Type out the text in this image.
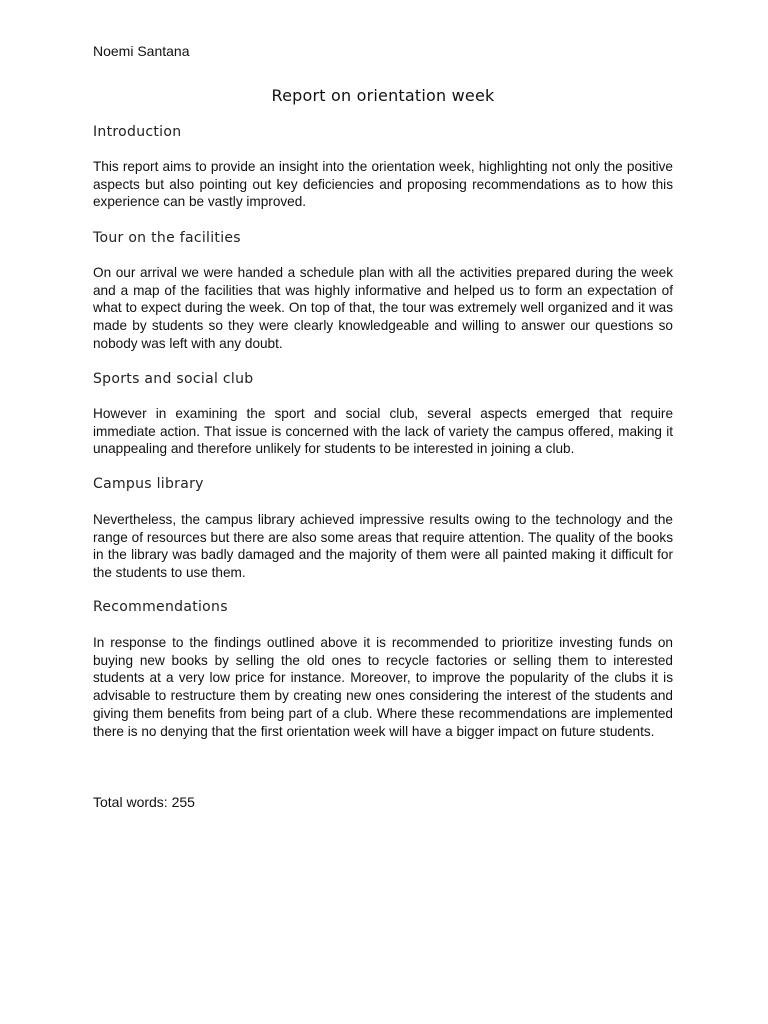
Noemi Santana

Report on orientation week
Introduction

This report aims to provide an insight into the orientation week, highlighting not only the positive aspects but also pointing out key deficiencies and proposing recommendations as to how this experience can be vastly improved.

Tour on the facilities

On our arrival we were handed a schedule plan with all the activities prepared during the week and a map of the facilities that was highly informative and helped us to form an expectation of what to expect during the week. On top of that, the tour was extremely well organized and it was made by students so they were clearly knowledgeable and willing to answer our questions so nobody was left with any doubt.

Sports and social club

However in examining the sport and social club, several aspects emerged that require immediate action. That issue is concerned with the lack of variety the campus offered, making it unappealing and therefore unlikely for students to be interested in joining a club.

Campus library

Nevertheless, the campus library achieved impressive results owing to the technology and the range of resources but there are also some areas that require attention. The quality of the books in the library was badly damaged and the majority of them were all painted making it difficult for the students to use them.

Recommendations

In response to the findings outlined above it is recommended to prioritize investing funds on buying new books by selling the old ones to recycle factories or selling them to interested students at a very low price for instance. Moreover, to improve the popularity of the clubs it is advisable to restructure them by creating new ones considering the interest of the students and giving them benefits from being part of a club. Where these recommendations are implemented there is no denying that the first orientation week will have a bigger impact on future students.

Total words: 255
